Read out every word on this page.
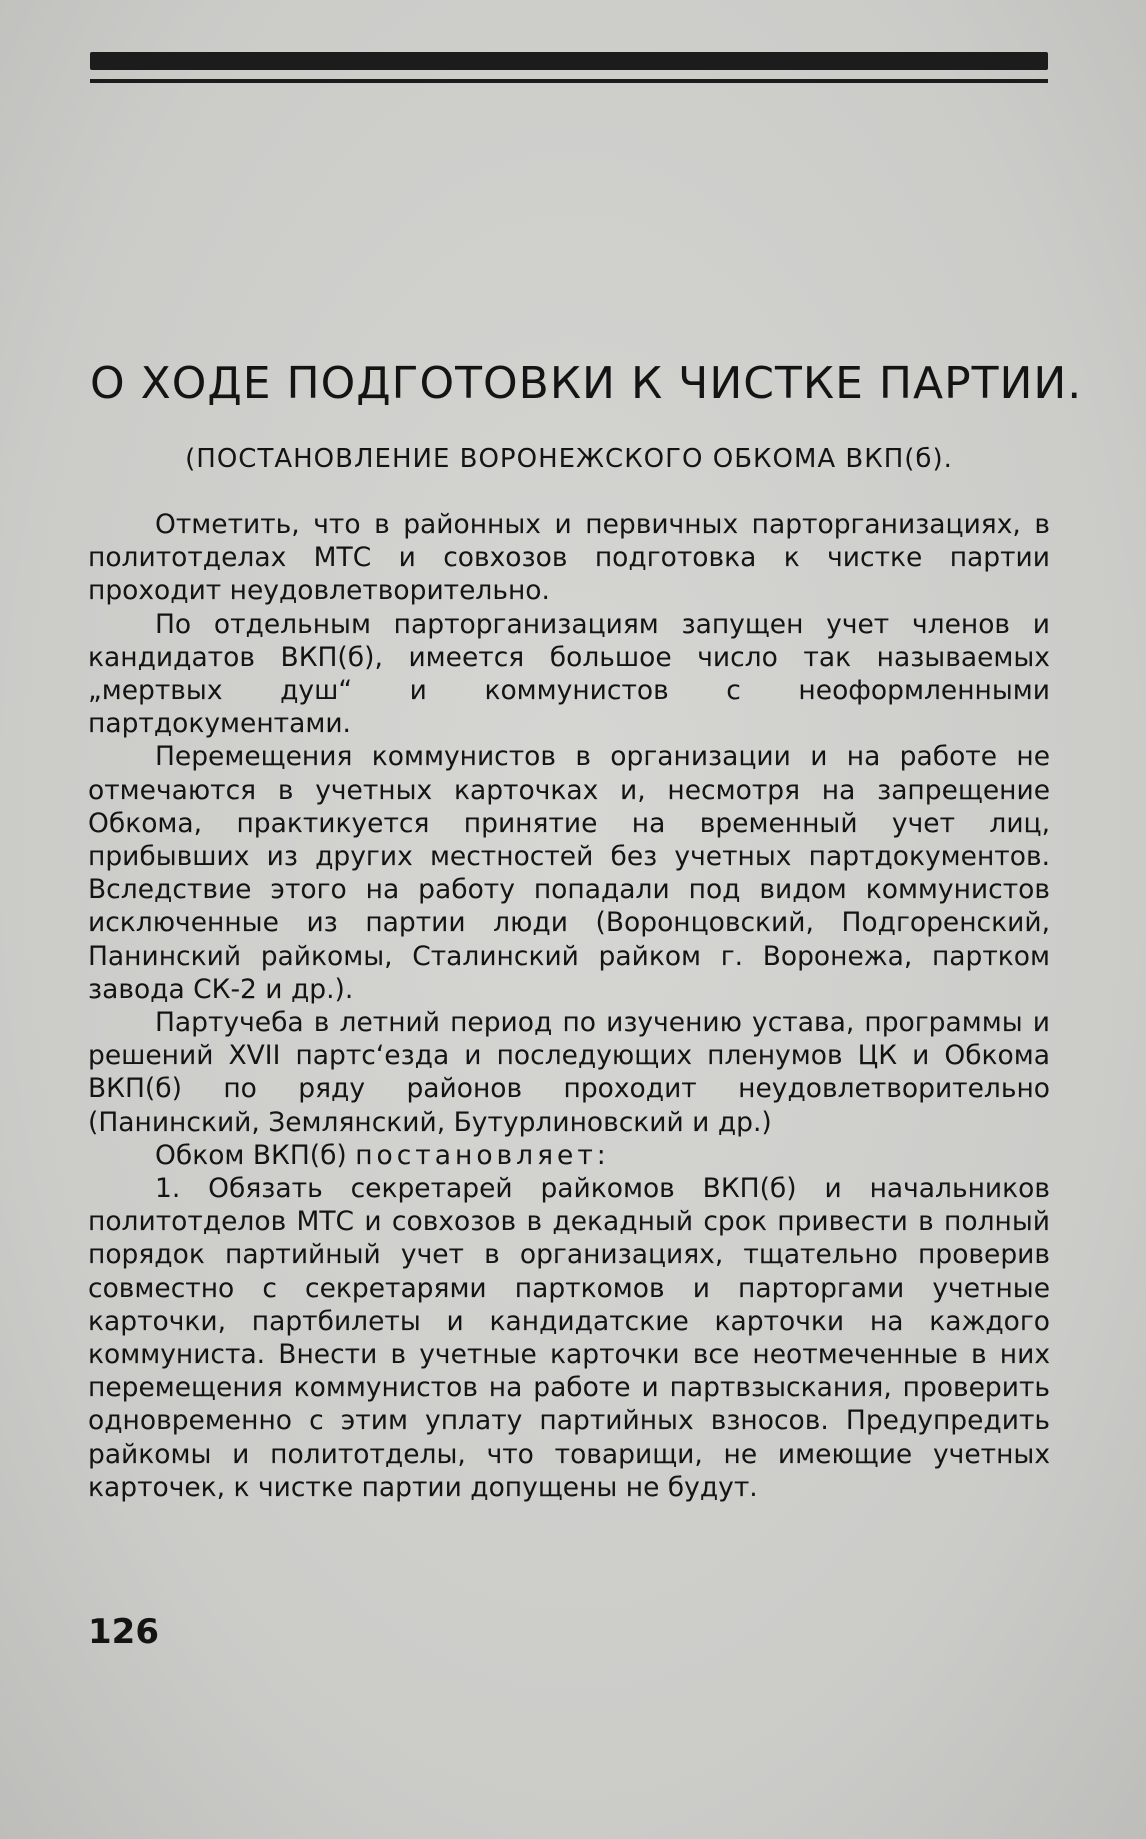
О ХОДЕ ПОДГОТОВКИ К ЧИСТКЕ ПАРТИИ.
(ПОСТАНОВЛЕНИЕ ВОРОНЕЖСКОГО ОБКОМА ВКП(б).

Отметить, что в районных и первичных парторганизациях, в политотделах МТС и совхозов подготовка к чистке партии проходит неудовлетворительно.

По отдельным парторганизациям запущен учет членов и кандидатов ВКП(б), имеется большое число так называемых „мертвых душ“ и коммунистов с неоформленными партдокументами.

Перемещения коммунистов в организации и на работе не отмечаются в учетных карточках и, несмотря на запрещение Обкома, практикуется принятие на временный учет лиц, прибывших из других местностей без учетных партдокументов. Вследствие этого на работу попадали под видом коммунистов исключенные из партии люди (Воронцовский, Подгоренский, Панинский райкомы, Сталинский райком г. Воронежа, партком завода СК-2 и др.).

Партучеба в летний период по изучению устава, программы и решений XVII партс‘езда и последующих пленумов ЦК и Обкома ВКП(б) по ряду районов проходит неудовлетворительно (Панинский, Землянский, Бутурлиновский и др.)

Обком ВКП(б) постановляет:

1. Обязать секретарей райкомов ВКП(б) и начальников политотделов МТС и совхозов в декадный срок привести в полный порядок партийный учет в организациях, тщательно проверив совместно с секретарями парткомов и парторгами учетные карточки, партбилеты и кандидатские карточки на каждого коммуниста. Внести в учетные карточки все неотмеченные в них перемещения коммунистов на работе и партвзыскания, проверить одновременно с этим уплату партийных взносов. Предупредить райкомы и политотделы, что товарищи, не имеющие учетных карточек, к чистке партии допущены не будут.

126
